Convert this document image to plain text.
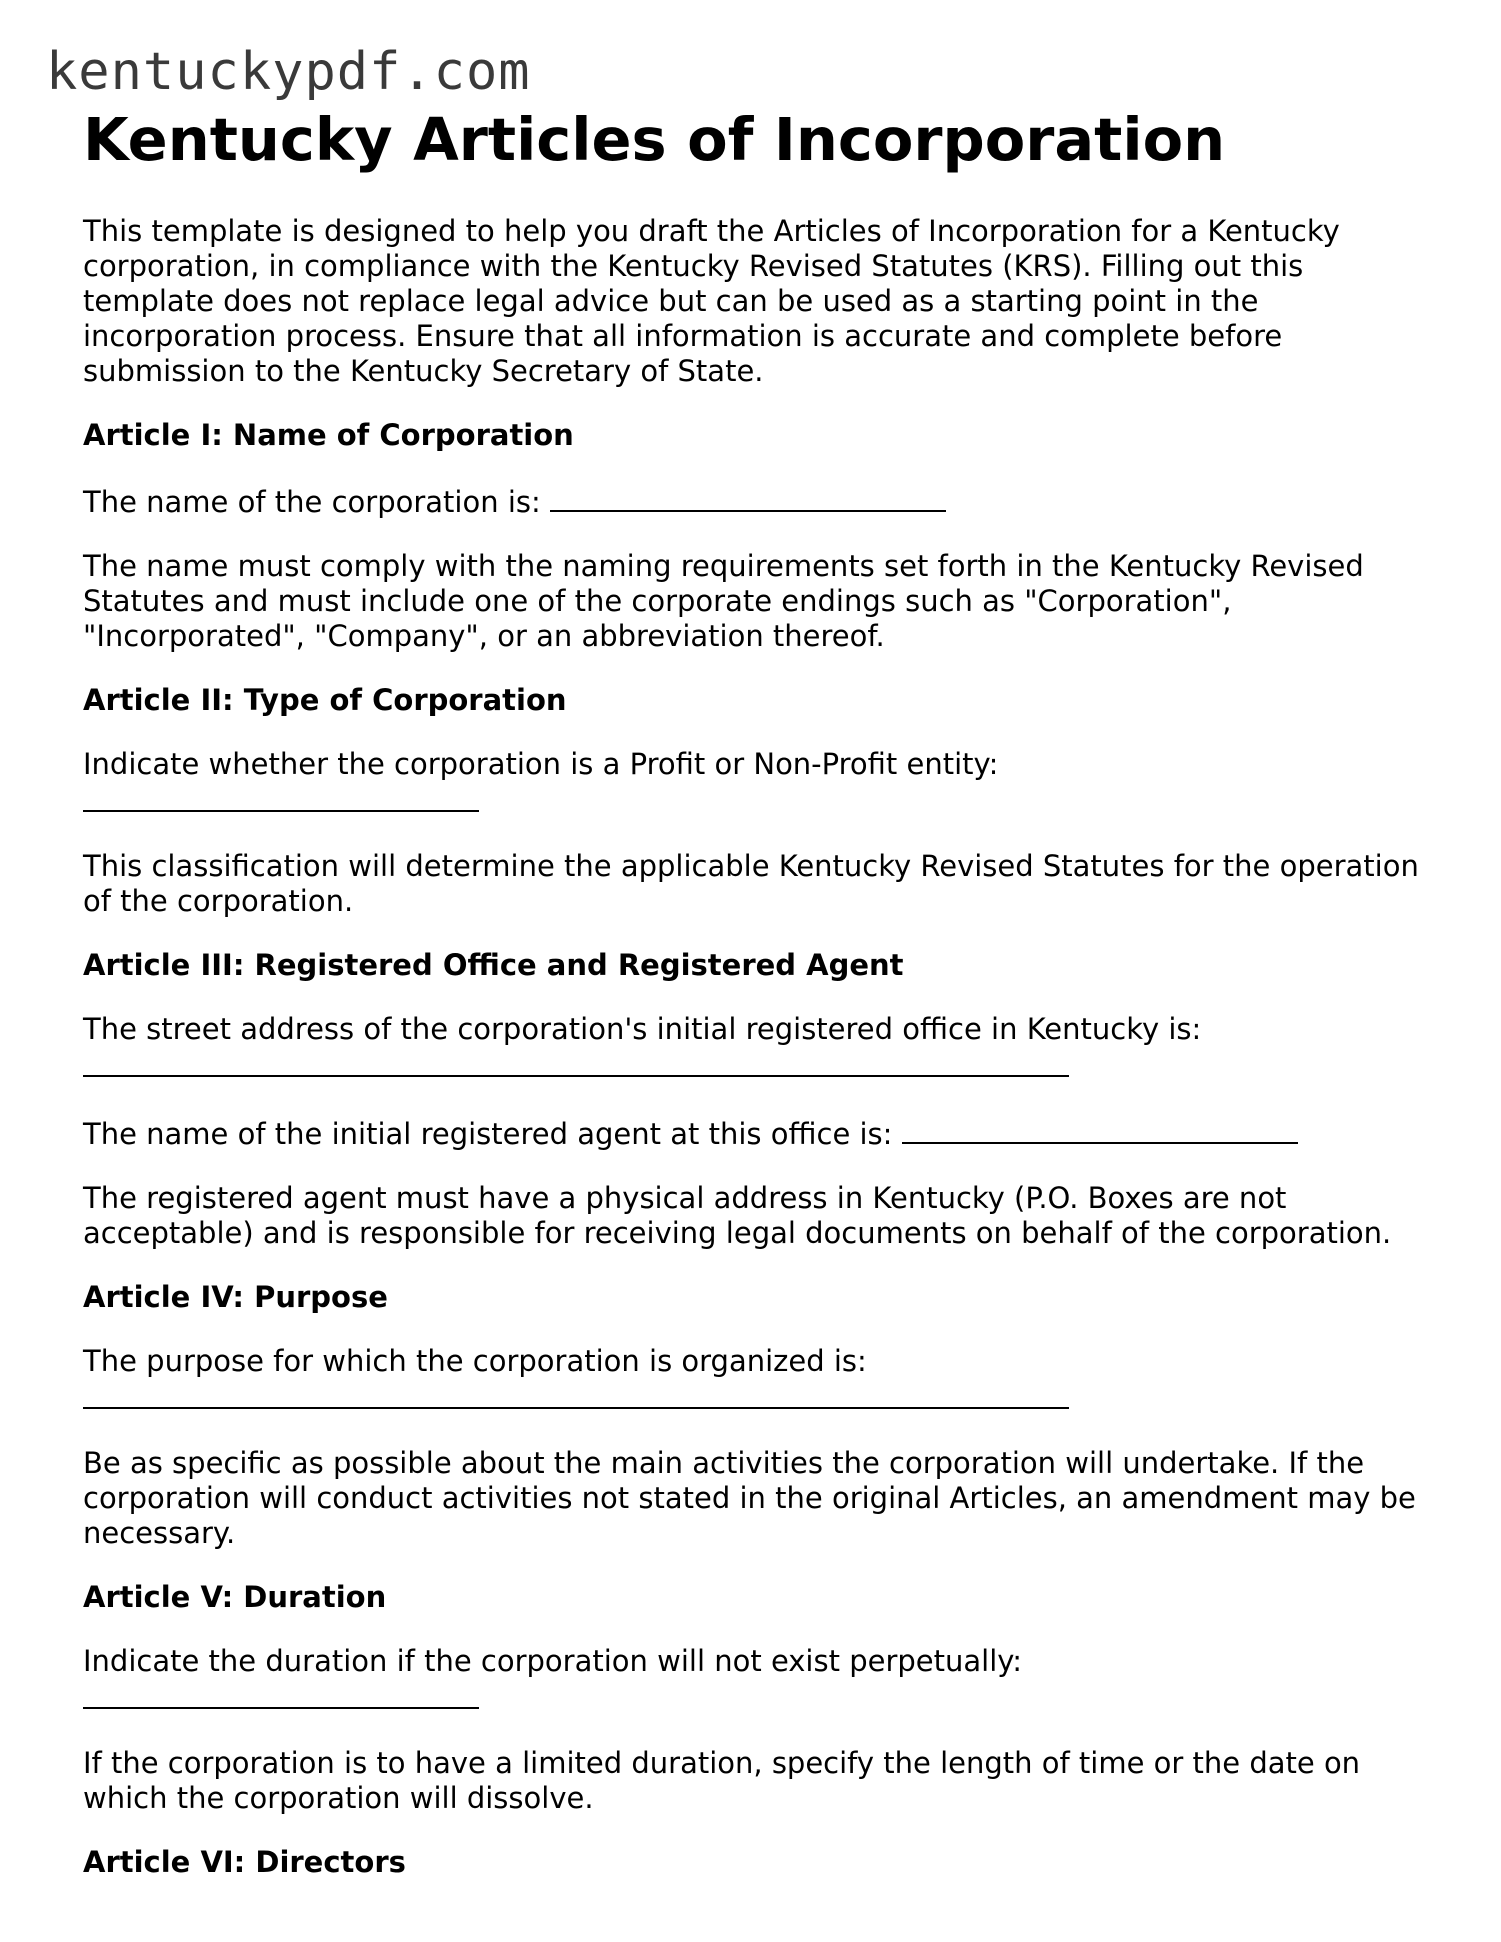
kentuckypdf.com
Kentucky Articles of Incorporation

This template is designed to help you draft the Articles of Incorporation for a Kentucky corporation, in compliance with the Kentucky Revised Statutes (KRS). Filling out this template does not replace legal advice but can be used as a starting point in the incorporation process. Ensure that all information is accurate and complete before submission to the Kentucky Secretary of State.

Article I: Name of Corporation

The name of the corporation is:

The name must comply with the naming requirements set forth in the Kentucky Revised Statutes and must include one of the corporate endings such as "Corporation", "Incorporated", "Company", or an abbreviation thereof.

Article II: Type of Corporation

Indicate whether the corporation is a Profit or Non-Profit entity:

This classification will determine the applicable Kentucky Revised Statutes for the operation of the corporation.

Article III: Registered Office and Registered Agent

The street address of the corporation's initial registered office in Kentucky is:

The name of the initial registered agent at this office is:

The registered agent must have a physical address in Kentucky (P.O. Boxes are not acceptable) and is responsible for receiving legal documents on behalf of the corporation.

Article IV: Purpose

The purpose for which the corporation is organized is:

Be as specific as possible about the main activities the corporation will undertake. If the corporation will conduct activities not stated in the original Articles, an amendment may be necessary.

Article V: Duration

Indicate the duration if the corporation will not exist perpetually:

If the corporation is to have a limited duration, specify the length of time or the date on which the corporation will dissolve.

Article VI: Directors
